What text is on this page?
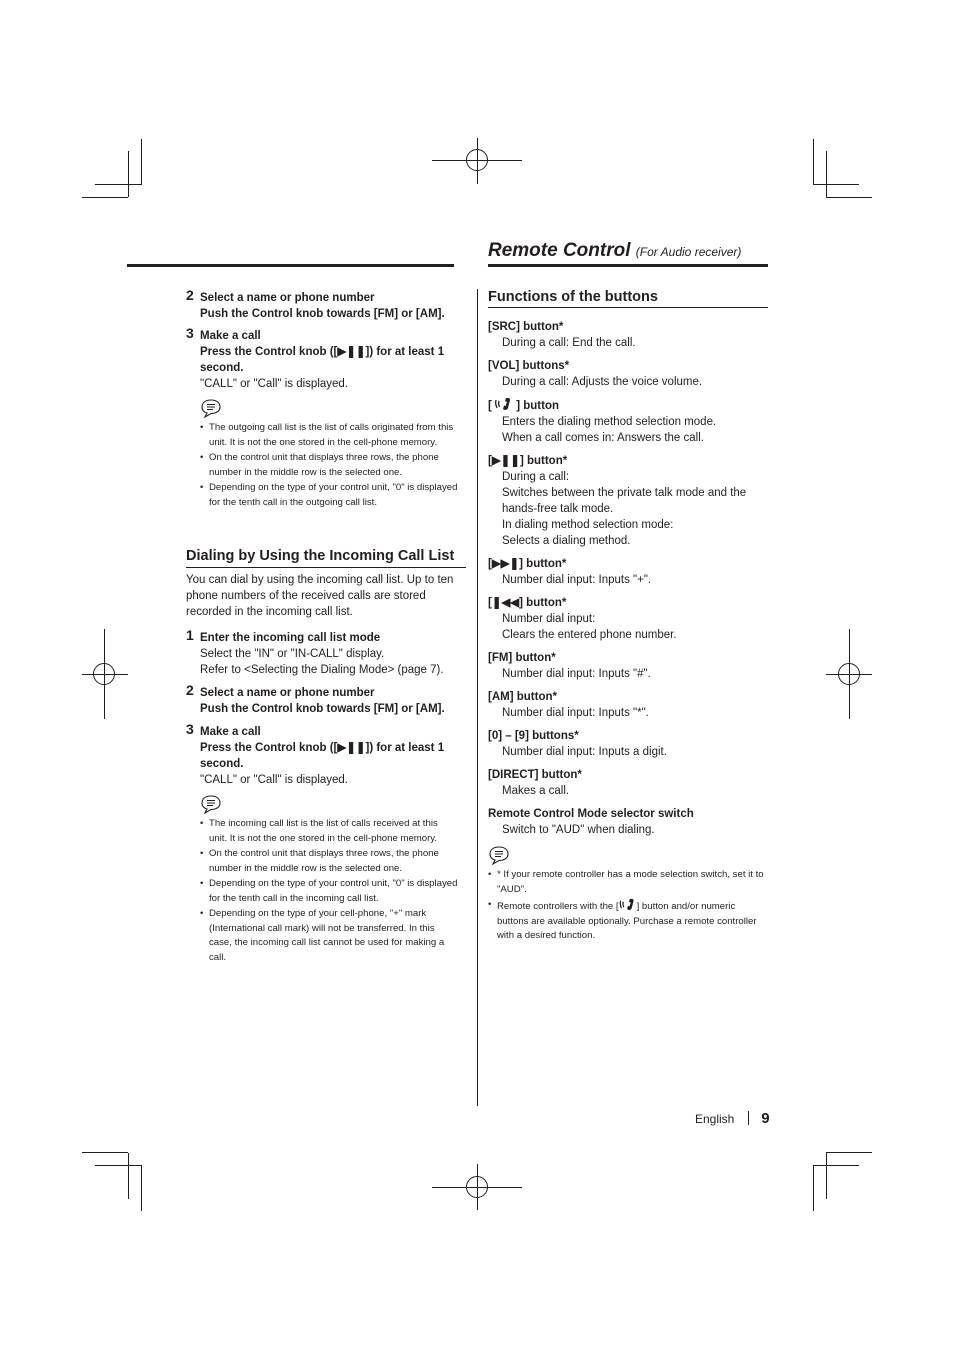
Remote Control (For Audio receiver)
2 Select a name or phone number
Push the Control knob towards [FM] or [AM].
3 Make a call
Press the Control knob ([▶❚❚]) for at least 1
second.
"CALL" or "Call" is displayed.
• The outgoing call list is the list of calls originated from this unit. It is not the one stored in the cell-phone memory.
• On the control unit that displays three rows, the phone number in the middle row is the selected one.
• Depending on the type of your control unit, "0" is displayed for the tenth call in the outgoing call list.
Dialing by Using the Incoming Call List
You can dial by using the incoming call list. Up to ten phone numbers of the received calls are stored recorded in the incoming call list.
1 Enter the incoming call list mode
Select the "IN" or "IN-CALL" display.
Refer to <Selecting the Dialing Mode> (page 7).
2 Select a name or phone number
Push the Control knob towards [FM] or [AM].
3 Make a call
Press the Control knob ([▶❚❚]) for at least 1
second.
"CALL" or "Call" is displayed.
• The incoming call list is the list of calls received at this unit. It is not the one stored in the cell-phone memory.
• On the control unit that displays three rows, the phone number in the middle row is the selected one.
• Depending on the type of your control unit, "0" is displayed for the tenth call in the incoming call list.
• Depending on the type of your cell-phone, "+" mark (International call mark) will not be transferred. In this case, the incoming call list cannot be used for making a call.
Functions of the buttons
[SRC] button*
During a call: End the call.
[VOL] buttons*
During a call: Adjusts the voice volume.
[  ] button
Enters the dialing method selection mode.
When a call comes in: Answers the call.
[▶❚❚] button*
During a call:
Switches between the private talk mode and the hands-free talk mode.
In dialing method selection mode:
Selects a dialing method.
[▶▶❚] button*
Number dial input: Inputs "+".
[❚◀◀] button*
Number dial input:
Clears the entered phone number.
[FM] button*
Number dial input: Inputs "#".
[AM] button*
Number dial input: Inputs "*".
[0] – [9] buttons*
Number dial input: Inputs a digit.
[DIRECT] button*
Makes a call.
Remote Control Mode selector switch
Switch to "AUD" when dialing.
• * If your remote controller has a mode selection switch, set it to "AUD".
• Remote controllers with the [ ] button and/or numeric buttons are available optionally. Purchase a remote controller with a desired function.
English 9
